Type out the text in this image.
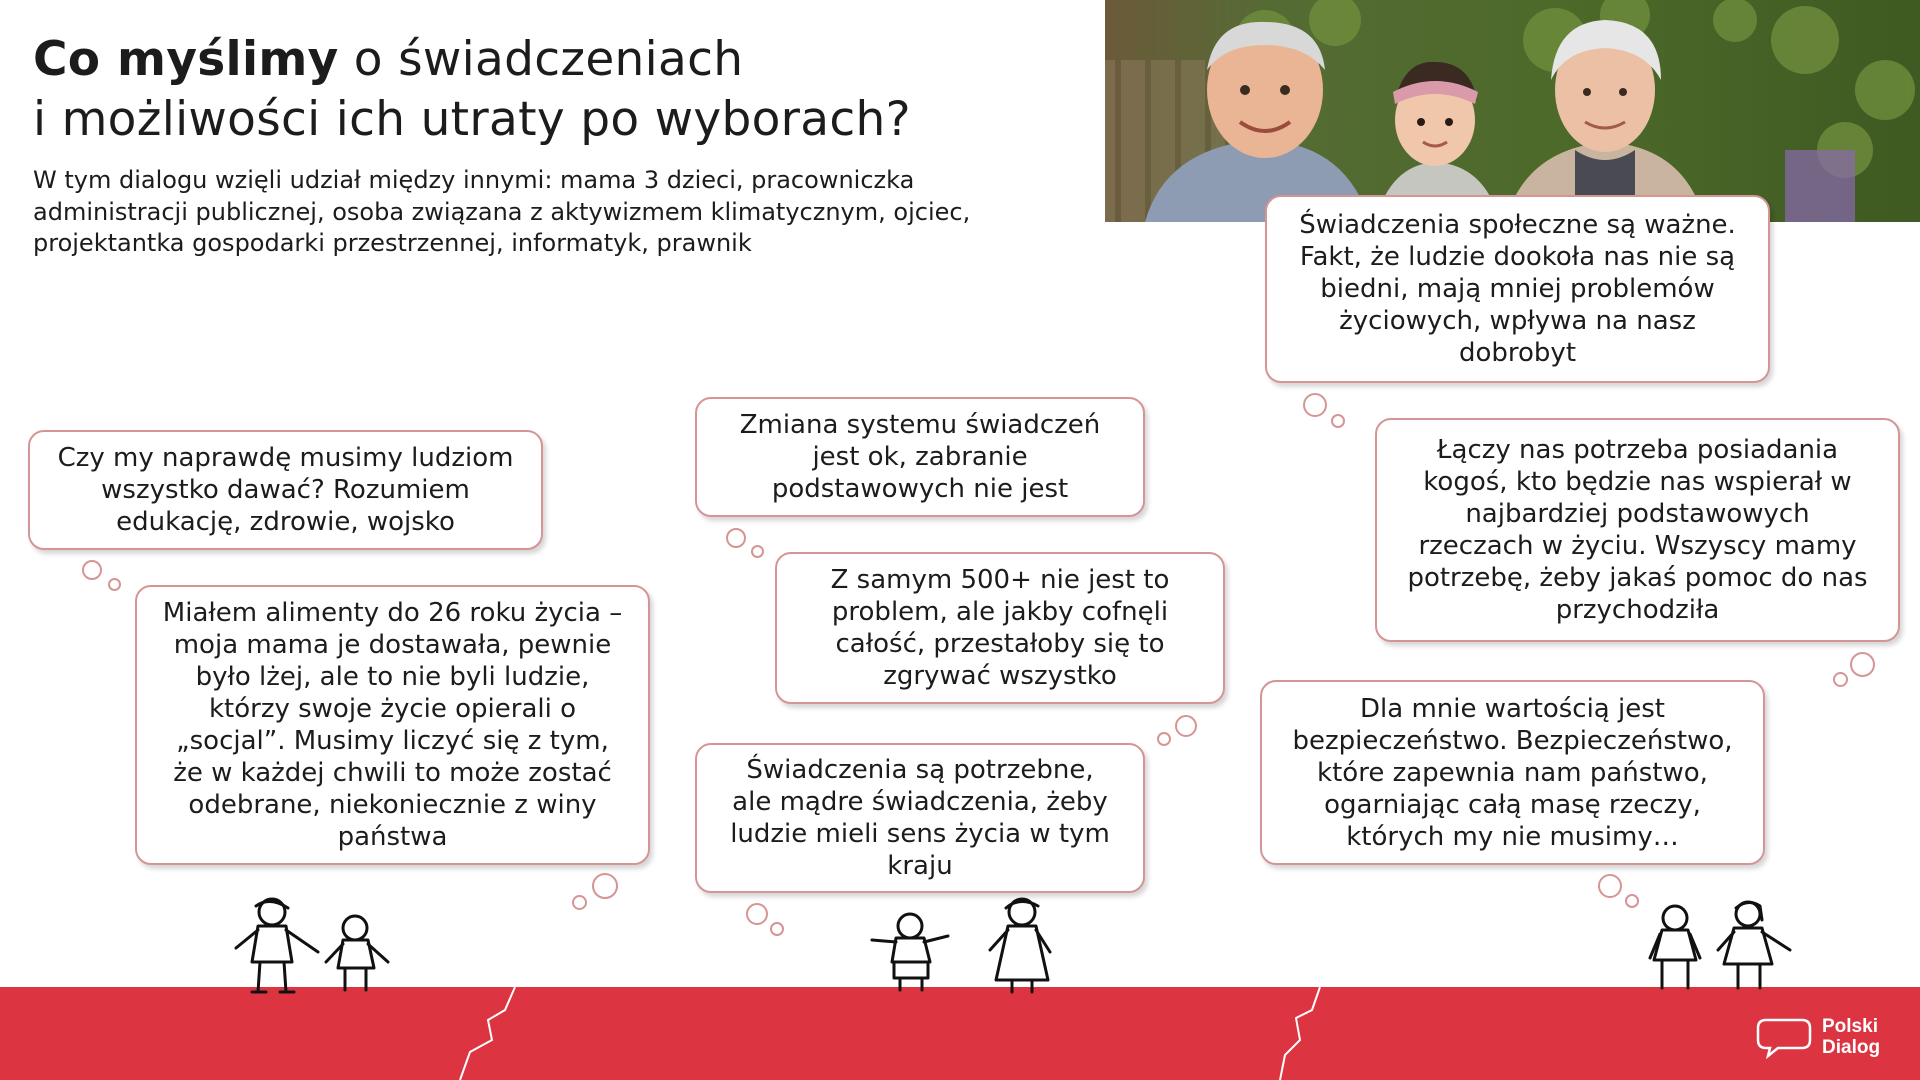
Co myślimy o świadczeniach
i możliwości ich utraty po wyborach?

W tym dialogu wzięli udział między innymi: mama 3 dzieci, pracowniczka administracji publicznej, osoba związana z aktywizmem klimatycznym, ojciec, projektantka gospodarki przestrzennej, informatyk, prawnik

Czy my naprawdę musimy ludziom wszystko dawać? Rozumiem edukację, zdrowie, wojsko
Miałem alimenty do 26 roku życia – moja mama je dostawała, pewnie było lżej, ale to nie byli ludzie, którzy swoje życie opierali o „socjal”. Musimy liczyć się z tym, że w każdej chwili to może zostać odebrane, niekoniecznie z winy państwa
Zmiana systemu świadczeń jest ok, zabranie podstawowych nie jest
Z samym 500+ nie jest to problem, ale jakby cofnęli całość, przestałoby się to zgrywać wszystko
Świadczenia są potrzebne, ale mądre świadczenia, żeby ludzie mieli sens życia w tym kraju
Świadczenia społeczne są ważne. Fakt, że ludzie dookoła nas nie są biedni, mają mniej problemów życiowych, wpływa na nasz dobrobyt
Łączy nas potrzeba posiadania kogoś, kto będzie nas wspierał w najbardziej podstawowych rzeczach w życiu. Wszyscy mamy potrzebę, żeby jakaś pomoc do nas przychodziła
Dla mnie wartością jest bezpieczeństwo. Bezpieczeństwo, które zapewnia nam państwo, ogarniając całą masę rzeczy, których my nie musimy…
Polski
Dialog
